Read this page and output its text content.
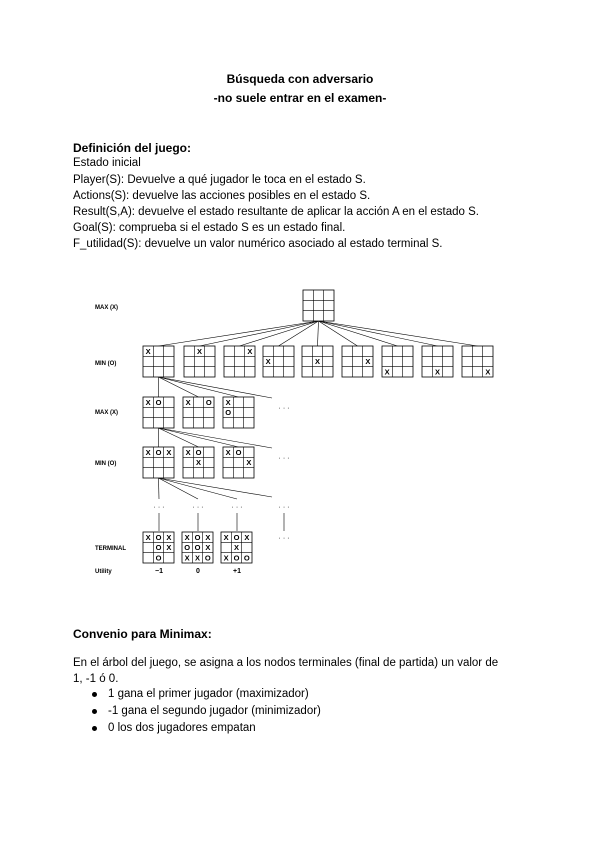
Búsqueda con adversario
-no suele entrar en el examen-
Definición del juego:
Estado inicial
Player(S): Devuelve a qué jugador le toca en el estado S.
Actions(S): devuelve las acciones posibles en el estado S.
Result(S,A): devuelve el estado resultante de aplicar la acción A en el estado S.
Goal(S): comprueba si el estado S es un estado final.
F_utilidad(S): devuelve un valor numérico asociado al estado terminal S.
MAX (X)
MIN (O)
MAX (X)
MIN (O)
TERMINAL
Utility
X	X	X
X	X	X
X	X	X
X O	X O X
O
X O X X O
X
X O
X
X O X
O X
O
X O X
O O X
X X O
X O X
X
X O O
−1	0	+1
· · ·
· · ·
· · ·	· · ·	· · ·	· · ·
· · ·
Convenio para Minimax:
En el árbol del juego, se asigna a los nodos terminales (final de partida) un valor de
1, -1 ó 0.
1 gana el primer jugador (maximizador)
-1 gana el segundo jugador (minimizador)
0 los dos jugadores empatan
